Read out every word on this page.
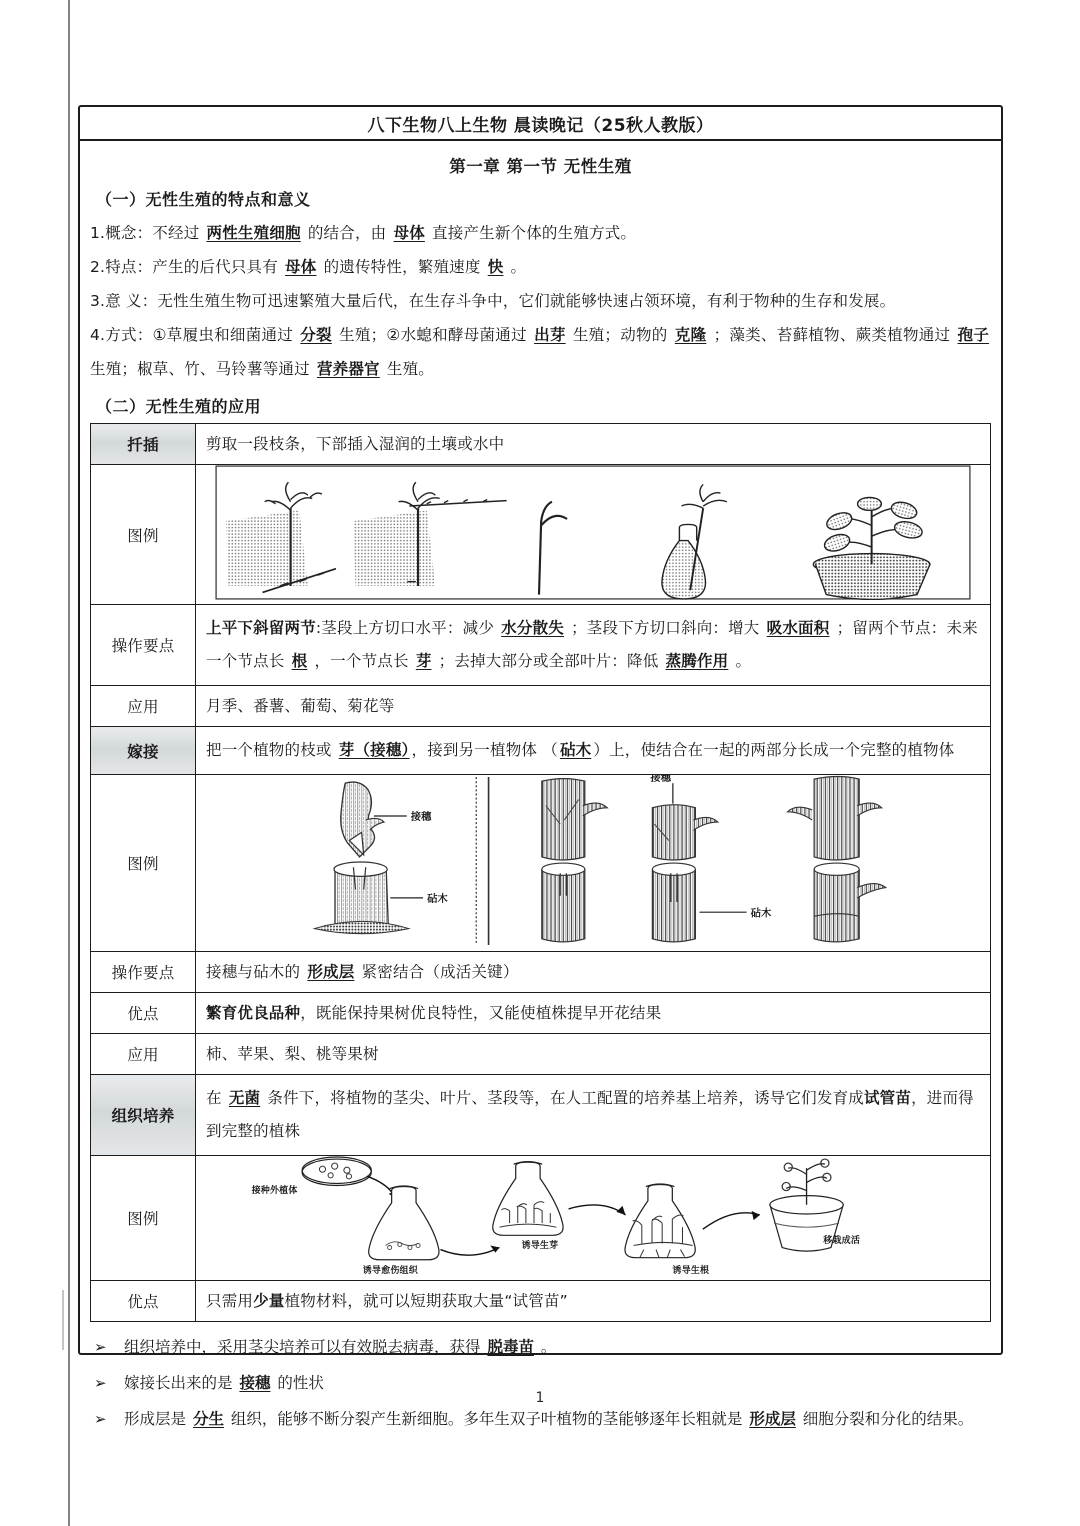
八下生物八上生物 晨读晚记（25秋人教版）
第一章 第一节 无性生殖
（一）无性生殖的特点和意义
1.概念：不经过 两性生殖细胞 的结合，由 母体 直接产生新个体的生殖方式。
2.特点：产生的后代只具有 母体 的遗传特性，繁殖速度 快 。
3.意 义：无性生殖生物可迅速繁殖大量后代，在生存斗争中，它们就能够快速占领环境，有利于物种的生存和发展。
4.方式：①草履虫和细菌通过 分裂 生殖；②水螅和酵母菌通过 出芽 生殖；动物的 克隆 ；藻类、苔藓植物、蕨类植物通过 孢子 生殖；椒草、竹、马铃薯等通过 营养器官 生殖。
（二）无性生殖的应用
扦插	剪取一段枝条，下部插入湿润的土壤或水中
图例	
操作要点	上平下斜留两节:茎段上方切口水平：减少 水分散失 ；茎段下方切口斜向：增大 吸水面积 ；留两个节点：未来一个节点长 根 ，一个节点长 芽 ；去掉大部分或全部叶片：降低 蒸腾作用 。
应用	月季、番薯、葡萄、菊花等
嫁接	把一个植物的枝或 芽（接穗） ，接到另一植物体 （ 砧木 ）上，使结合在一起的两部分长成一个完整的植物体
图例	接穗
砧木
接穗
砧木

操作要点	接穗与砧木的 形成层 紧密结合（成活关键）
优点	繁育优良品种，既能保持果树优良特性，又能使植株提早开花结果
应用	柿、苹果、梨、桃等果树
组织培养	在 无菌 条件下，将植物的茎尖、叶片、茎段等，在人工配置的培养基上培养，诱导它们发育成试管苗，进而得到完整的植株
图例	接种外植体
诱导愈伤组织
诱导生芽
诱导生根
移栽成活

优点	只需用少量植物材料，就可以短期获取大量“试管苗”
➢	组织培养中，采用茎尖培养可以有效脱去病毒，获得 脱毒苗 。
➢	嫁接长出来的是 接穗 的性状
➢	形成层是 分生 组织，能够不断分裂产生新细胞。多年生双子叶植物的茎能够逐年长粗就是 形成层 细胞分裂和分化的结果。
1
